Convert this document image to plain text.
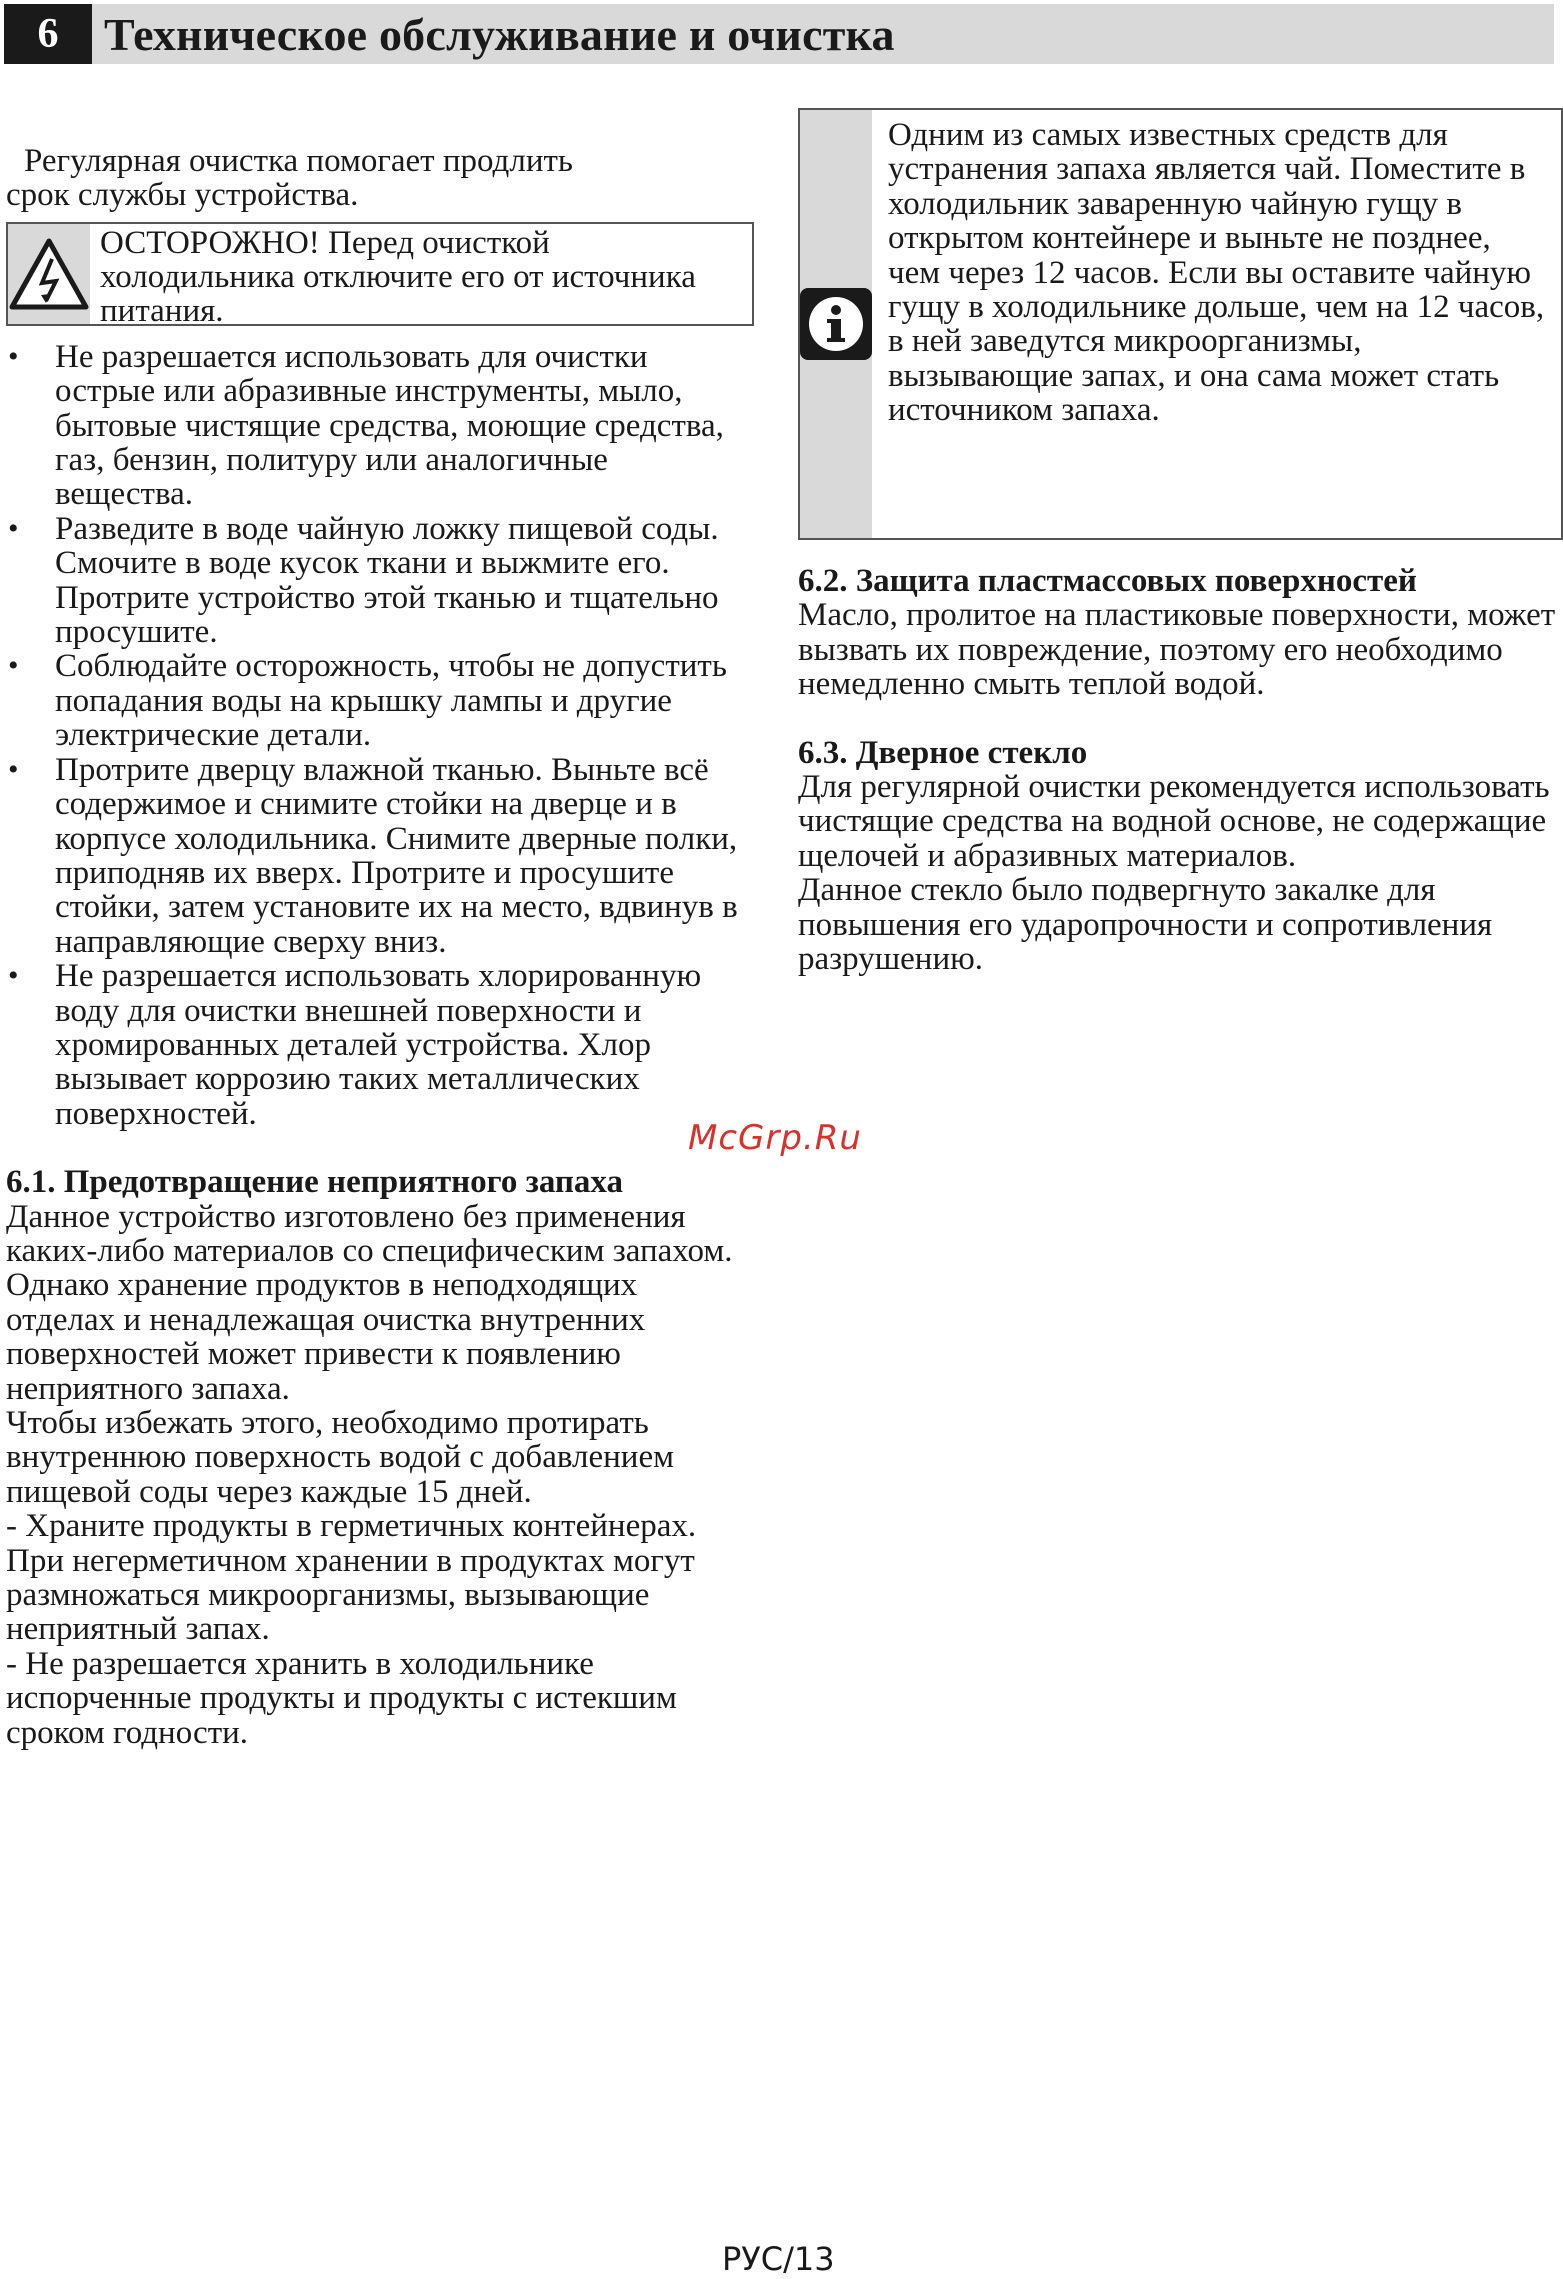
6 Техническое обслуживание и очистка

Регулярная очистка помогает продлить
срок службы устройства.

ОСТОРОЖНО! Перед очисткой холодильника отключите его от источника питания.
• Не разрешается использовать для очистки острые или абразивные инструменты, мыло, бытовые чистящие средства, моющие средства, газ, бензин, политуру или аналогичные вещества.
• Разведите в воде чайную ложку пищевой соды. Смочите в воде кусок ткани и выжмите его. Протрите устройство этой тканью и тщательно просушите.
• Соблюдайте осторожность, чтобы не допустить попадания воды на крышку лампы и другие электрические детали.
• Протрите дверцу влажной тканью. Выньте всё содержимое и снимите стойки на дверце и в корпусе холодильника. Снимите дверные полки, приподняв их вверх. Протрите и просушите стойки, затем установите их на место, вдвинув в направляющие сверху вниз.
• Не разрешается использовать хлорированную воду для очистки внешней поверхности и хромированных деталей устройства. Хлор вызывает коррозию таких металлических поверхностей.
6.1. Предотвращение неприятного запаха

Данное устройство изготовлено без применения каких-либо материалов со специфическим запахом. Однако хранение продуктов в неподходящих отделах и ненадлежащая очистка внутренних поверхностей может привести к появлению неприятного запаха.

Чтобы избежать этого, необходимо протирать внутреннюю поверхность водой с добавлением пищевой соды через каждые 15 дней.

- Храните продукты в герметичных контейнерах. При негерметичном хранении в продуктах могут размножаться микроорганизмы, вызывающие неприятный запах.

- Не разрешается хранить в холодильнике испорченные продукты и продукты с истекшим сроком годности.

Одним из самых известных средств для устранения запаха является чай. Поместите в холодильник заваренную чайную гущу в открытом контейнере и выньте не позднее, чем через 12 часов. Если вы оставите чайную гущу в холодильнике дольше, чем на 12 часов, в ней заведутся микроорганизмы, вызывающие запах, и она сама может стать источником запаха.
6.2. Защита пластмассовых поверхностей

Масло, пролитое на пластиковые поверхности, может вызвать их повреждение, поэтому его необходимо немедленно смыть теплой водой.

6.3. Дверное стекло

Для регулярной очистки рекомендуется использовать чистящие средства на водной основе, не содержащие щелочей и абразивных материалов.

Данное стекло было подвергнуто закалке для повышения его ударопрочности и сопротивления разрушению.

McGrp.Ru
РУС/13
